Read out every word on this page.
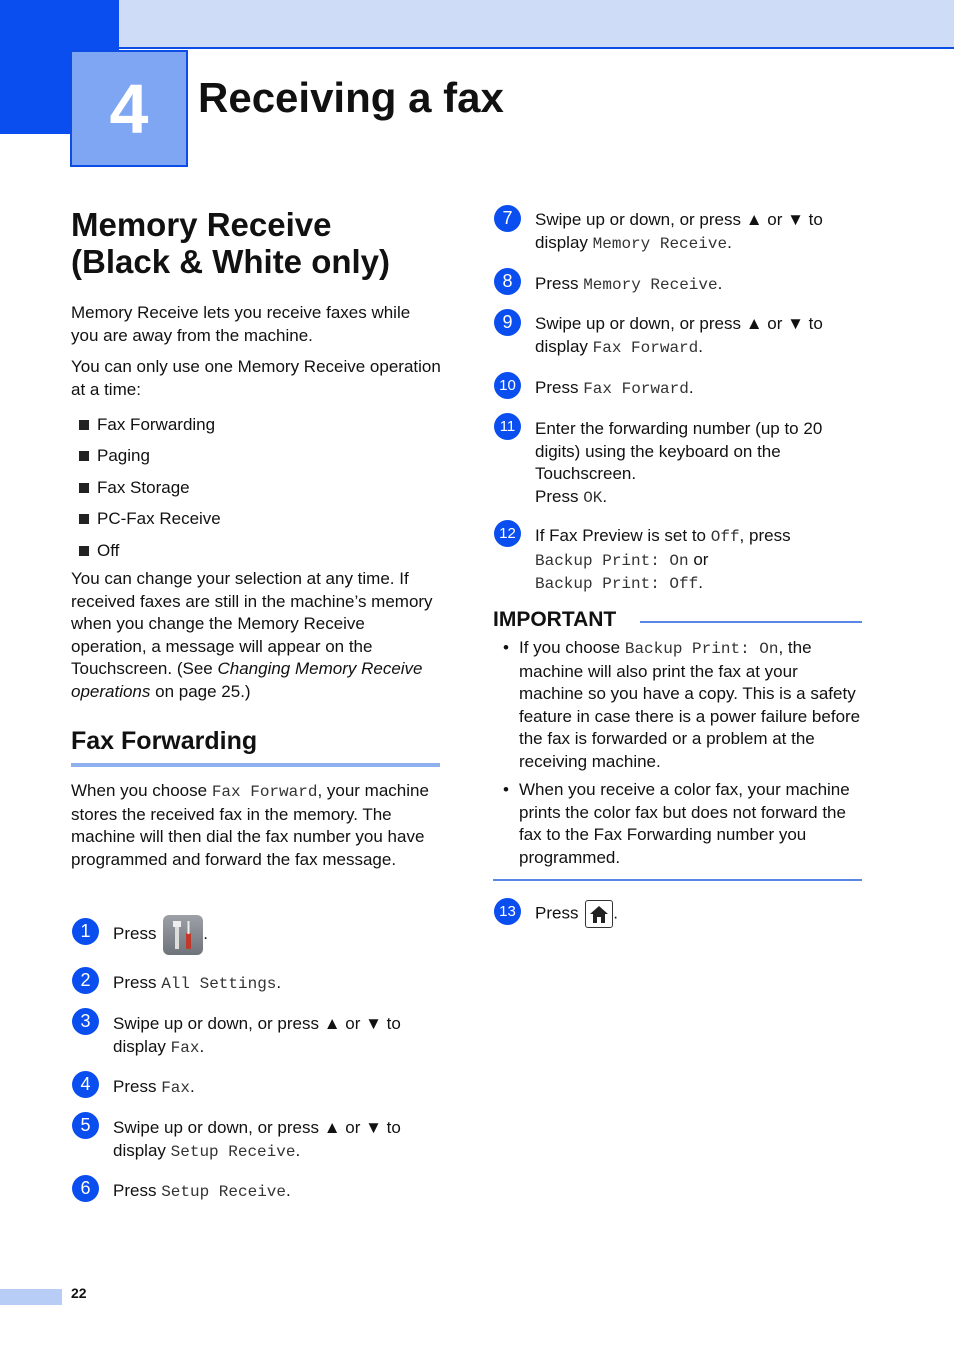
4 Receiving a fax
Memory Receive
(Black & White only)

Memory Receive lets you receive faxes while you are away from the machine.

You can only use one Memory Receive operation at a time:

Fax Forwarding
Paging
Fax Storage
PC-Fax Receive
Off

You can change your selection at any time. If received faxes are still in the machine’s memory when you change the Memory Receive operation, a message will appear on the Touchscreen. (See Changing Memory Receive operations on page 25.)

Fax Forwarding

When you choose Fax Forward, your machine stores the received fax in the memory. The machine will then dial the fax number you have programmed and forward the fax message.

1	Press	.
2	Press All Settings.
3	Swipe up or down, or press ▲ or ▼ to display Fax.
4	Press Fax.
5	Swipe up or down, or press ▲ or ▼ to display Setup Receive.
6	Press Setup Receive.
7	Swipe up or down, or press ▲ or ▼ to display Memory Receive.
8	Press Memory Receive.
9	Swipe up or down, or press ▲ or ▼ to display Fax Forward.
10	Press Fax Forward.
11	Enter the forwarding number (up to 20 digits) using the keyboard on the Touchscreen.
Press OK.
12	If Fax Preview is set to Off, press
Backup Print: On or
Backup Print: Off.
IMPORTANT
• If you choose Backup Print: On, the machine will also print the fax at your machine so you have a copy. This is a safety feature in case there is a power failure before the fax is forwarded or a problem at the receiving machine.
• When you receive a color fax, your machine prints the color fax but does not forward the fax to the Fax Forwarding number you programmed.
13	Press .
22
